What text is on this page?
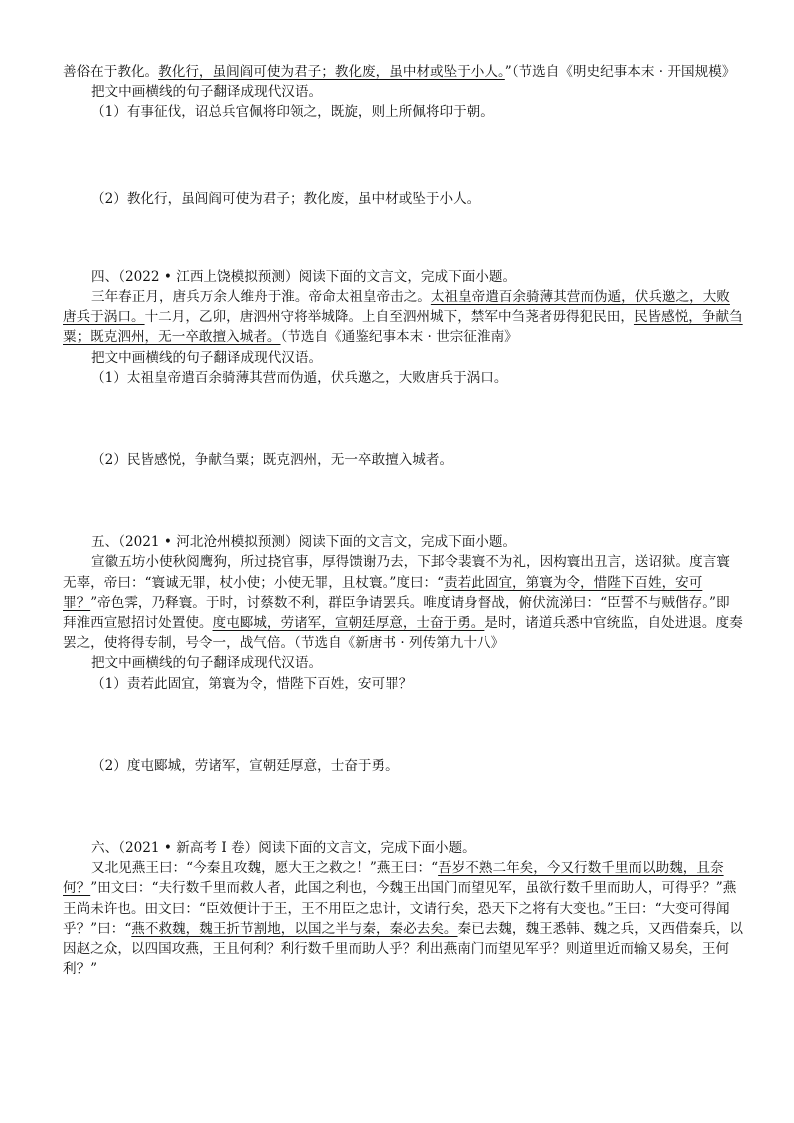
善俗在于教化。教化行，虽闾阎可使为君子；教化废，虽中材或坠于小人。”（节选自《明史纪事本末 · 开国规模》

把文中画横线的句子翻译成现代汉语。

（1）有事征伐，诏总兵官佩将印领之，既旋，则上所佩将印于朝。

（2）教化行，虽闾阎可使为君子；教化废，虽中材或坠于小人。

四、（2022 • 江西上饶模拟预测）阅读下面的文言文，完成下面小题。

三年春正月，唐兵万余人维舟于淮。帝命太祖皇帝击之。太祖皇帝遣百余骑薄其营而伪遁，伏兵邀之，大败唐兵于涡口。十二月，乙卯，唐泗州守将举城降。上自至泗州城下，禁军中刍荛者毋得犯民田，民皆感悦，争献刍粟；既克泗州，无一卒敢擅入城者。（节选自《通鉴纪事本末 · 世宗征淮南》

把文中画横线的句子翻译成现代汉语。

（1）太祖皇帝遣百余骑薄其营而伪遁，伏兵邀之，大败唐兵于涡口。

（2）民皆感悦，争献刍粟；既克泗州，无一卒敢擅入城者。

五、（2021 • 河北沧州模拟预测）阅读下面的文言文，完成下面小题。

宣徽五坊小使秋阅鹰狗，所过挠官事，厚得馈谢乃去，下邽令裴寰不为礼，因构寰出丑言，送诏狱。度言寰无辜，帝曰：“寰诚无罪，杖小使；小使无罪，且杖寰。”度曰：“责若此固宜，第寰为令，惜陛下百姓，安可罪？”帝色霁，乃释寰。于时，讨蔡数不利，群臣争请罢兵。唯度请身督战，俯伏流涕曰：“臣誓不与贼偕存。”即拜淮西宣慰招讨处置使。度屯郾城，劳诸军，宣朝廷厚意，士奋于勇。是时，诸道兵悉中官统监，自处进退。度奏罢之，使将得专制，号令一，战气倍。（节选自《新唐书 · 列传第九十八》

把文中画横线的句子翻译成现代汉语。

（1）责若此固宜，第寰为令，惜陛下百姓，安可罪？

（2）度屯郾城，劳诸军，宣朝廷厚意，士奋于勇。

六、（2021 • 新高考 I 卷）阅读下面的文言文，完成下面小题。

又北见燕王曰：“今秦且攻魏，愿大王之救之！”燕王曰：“吾岁不熟二年矣，今又行数千里而以助魏，且奈何？”田文曰：“夫行数千里而救人者，此国之利也，今魏王出国门而望见军，虽欲行数千里而助人，可得乎？”燕王尚未许也。田文曰：“臣效便计于王，王不用臣之忠计，文请行矣，恐天下之将有大变也。”王曰：“大变可得闻乎？”曰：“燕不救魏，魏王折节割地，以国之半与秦，秦必去矣。秦已去魏，魏王悉韩、魏之兵，又西借秦兵，以因赵之众，以四国攻燕，王且何利？利行数千里而助人乎？利出燕南门而望见军乎？则道里近而输又易矣，王何利？”
